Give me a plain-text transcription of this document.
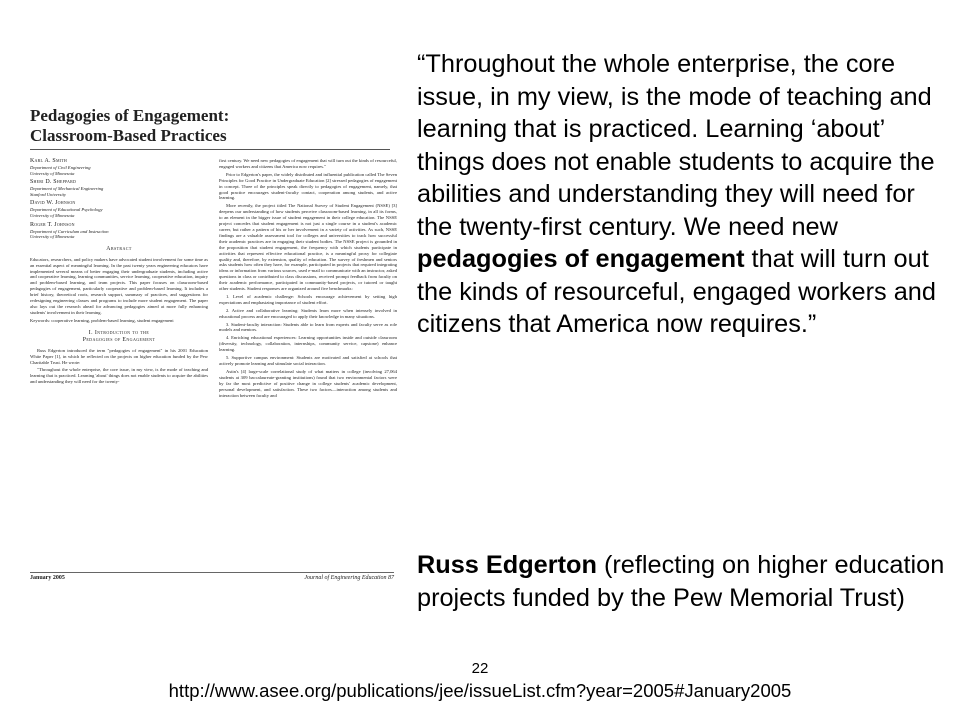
Pedagogies of Engagement:
Classroom-Based Practices
Karl A. Smith
Department of Civil Engineering
University of Minnesota
Sheri D. Sheppard
Department of Mechanical Engineering
Stanford University
David W. Johnson
Department of Educational Psychology
University of Minnesota
Roger T. Johnson
Department of Curriculum and Instruction
University of Minnesota
Abstract

Educators, researchers, and policy makers have advocated student involvement for some time as an essential aspect of meaningful learning. In the past twenty years engineering educators have implemented several means of better engaging their undergraduate students, including active and cooperative learning, learning communities, service learning, cooperative education, inquiry and problem-based learning, and team projects. This paper focuses on classroom-based pedagogies of engagement, particularly cooperative and problem-based learning. It includes a brief history, theoretical roots, research support, summary of practices, and suggestions for redesigning engineering classes and programs to include more student engagement. The paper also lays out the research ahead for advancing pedagogies aimed at more fully enhancing students' involvement in their learning.

Keywords: cooperative learning, problem-based learning, student engagement

I. Introduction to the
Pedagogies of Engagement

Russ Edgerton introduced the term "pedagogies of engagement" in his 2001 Education White Paper [1], in which he reflected on the projects on higher education funded by the Pew Charitable Trust. He wrote:

"Throughout the whole enterprise, the core issue, in my view, is the mode of teaching and learning that is practiced. Learning 'about' things does not enable students to acquire the abilities and understanding they will need for the twenty-

first century. We need new pedagogies of engagement that will turn out the kinds of resourceful, engaged workers and citizens that America now requires."

Prior to Edgerton's paper, the widely distributed and influential publication called The Seven Principles for Good Practice in Undergraduate Education [2] stressed pedagogies of engagement in concept. Three of the principles speak directly to pedagogies of engagement, namely, that good practice encourages student-faculty contact, cooperation among students, and active learning.

More recently, the project titled The National Survey of Student Engagement (NSSE) [3] deepens our understanding of how students perceive classroom-based learning, in all its forms, to an element in the bigger issue of student engagement in their college education. The NSSE project concedes that student engagement is not just a single course in a student's academic career, but rather a pattern of his or her involvement in a variety of activities. As such, NSSE findings are a valuable assessment tool for colleges and universities to track how successful their academic practices are in engaging their student bodies. The NSSE project is grounded in the proposition that student engagement, the frequency with which students participate in activities that represent effective educational practice, is a meaningful proxy for collegiate quality and, therefore, by extension, quality of education. The survey of freshmen and seniors asks students how often they have, for example, participated in projects that required integrating ideas or information from various sources, used e-mail to communicate with an instructor, asked questions in class or contributed to class discussions, received prompt feedback from faculty on their academic performance, participated in community-based projects, or tutored or taught other students. Student responses are organized around five benchmarks:

1. Level of academic challenge: Schools encourage achievement by setting high expectations and emphasizing importance of student effort.

2. Active and collaborative learning: Students learn more when intensely involved in educational process and are encouraged to apply their knowledge in many situations.

3. Student-faculty interaction: Students able to learn from experts and faculty serve as role models and mentors.

4. Enriching educational experiences: Learning opportunities inside and outside classroom (diversity, technology, collaboration, internships, community service, capstone) enhance learning.

5. Supportive campus environment: Students are motivated and satisfied at schools that actively promote learning and stimulate social interaction.

Astin's [4] large-scale correlational study of what matters in college (involving 27,064 students at 309 baccalaureate-granting institutions) found that two environmental factors were by far the most predictive of positive change in college students' academic development, personal development, and satisfaction. These two factors—interaction among students and interaction between faculty and

January 2005	Journal of Engineering Education 87

“Throughout the whole enterprise, the core issue, in my view, is the mode of teaching and learning that is practiced. Learning ‘about’ things does not enable students to acquire the abilities and understanding they will need for the twenty-first century. We need new pedagogies of engagement that will turn out the kinds of resourceful, engaged workers and citizens that America now requires.”

Russ Edgerton (reflecting on higher education projects funded by the Pew Memorial Trust)

22
http://www.asee.org/publications/jee/issueList.cfm?year=2005#January2005
